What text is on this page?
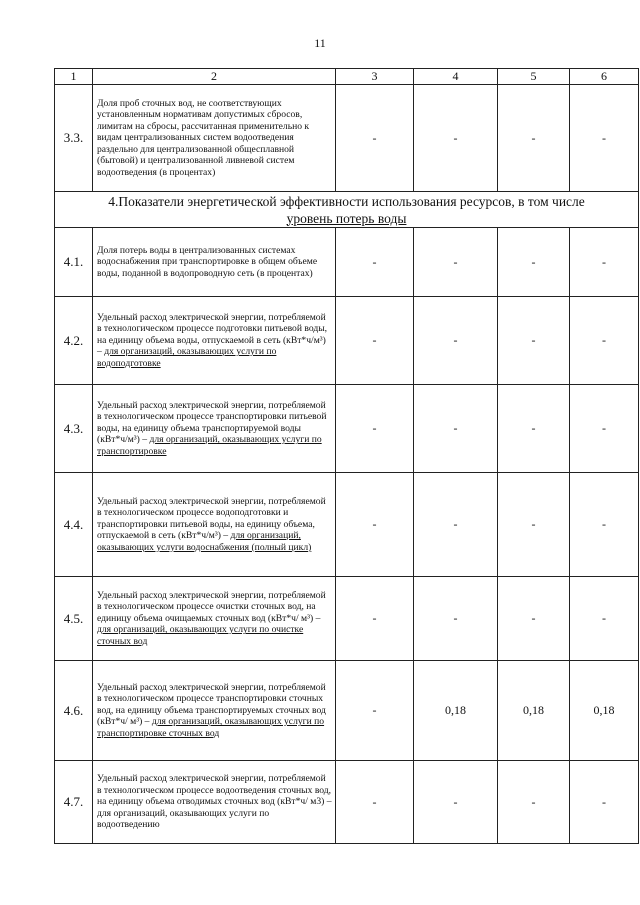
11
1	2	3	4	5	6
3.3.	Доля проб сточных вод, не соответствующих установленным нормативам допустимых сбросов, лимитам на сбросы, рассчитанная применительно к видам централизованных систем водоотведения раздельно для централизованной общесплавной (бытовой) и централизованной ливневой систем водоотведения (в процентах)	-	-	-	-

4.Показатели энергетической эффективности использования ресурсов, в том числе
уровень потерь воды					

4.1.	Доля потерь воды в централизованных системах водоснабжения при транспортировке в общем объеме воды, поданной в водопроводную сеть (в процентах)	-	-	-	-
4.2.	Удельный расход электрической энергии, потребляемой в технологическом процессе подготовки питьевой воды, на единицу объема воды, отпускаемой в сеть (кВт*ч/м³) – для организаций, оказывающих услуги по водоподготовке	-	-	-	-
4.3.	Удельный расход электрической энергии, потребляемой в технологическом процессе транспортировки питьевой воды, на единицу объема транспортируемой воды (кВт*ч/м³) – для организаций, оказывающих услуги по транспортировке	-	-	-	-
4.4.	Удельный расход электрической энергии, потребляемой в технологическом процессе водоподготовки и транспортировки питьевой воды, на единицу объема, отпускаемой в сеть (кВт*ч/м³) – для организаций, оказывающих услуги водоснабжения (полный цикл)	-	-	-	-
4.5.	Удельный расход электрической энергии, потребляемой в технологическом процессе очистки сточных вод, на единицу объема очищаемых сточных вод (кВт*ч/ м³) – для организаций, оказывающих услуги по очистке сточных вод	-	-	-	-
4.6.	Удельный расход электрической энергии, потребляемой в технологическом процессе транспортировки сточных вод, на единицу объема транспортируемых сточных вод (кВт*ч/ м³) – для организаций, оказывающих услуги по транспортировке сточных вод	-	0,18	0,18	0,18
4.7.	Удельный расход электрической энергии, потребляемой в технологическом процессе водоотведения сточных вод, на единицу объема отводимых сточных вод (кВт*ч/ м3) – для организаций, оказывающих услуги по водоотведению	-	-	-	-
